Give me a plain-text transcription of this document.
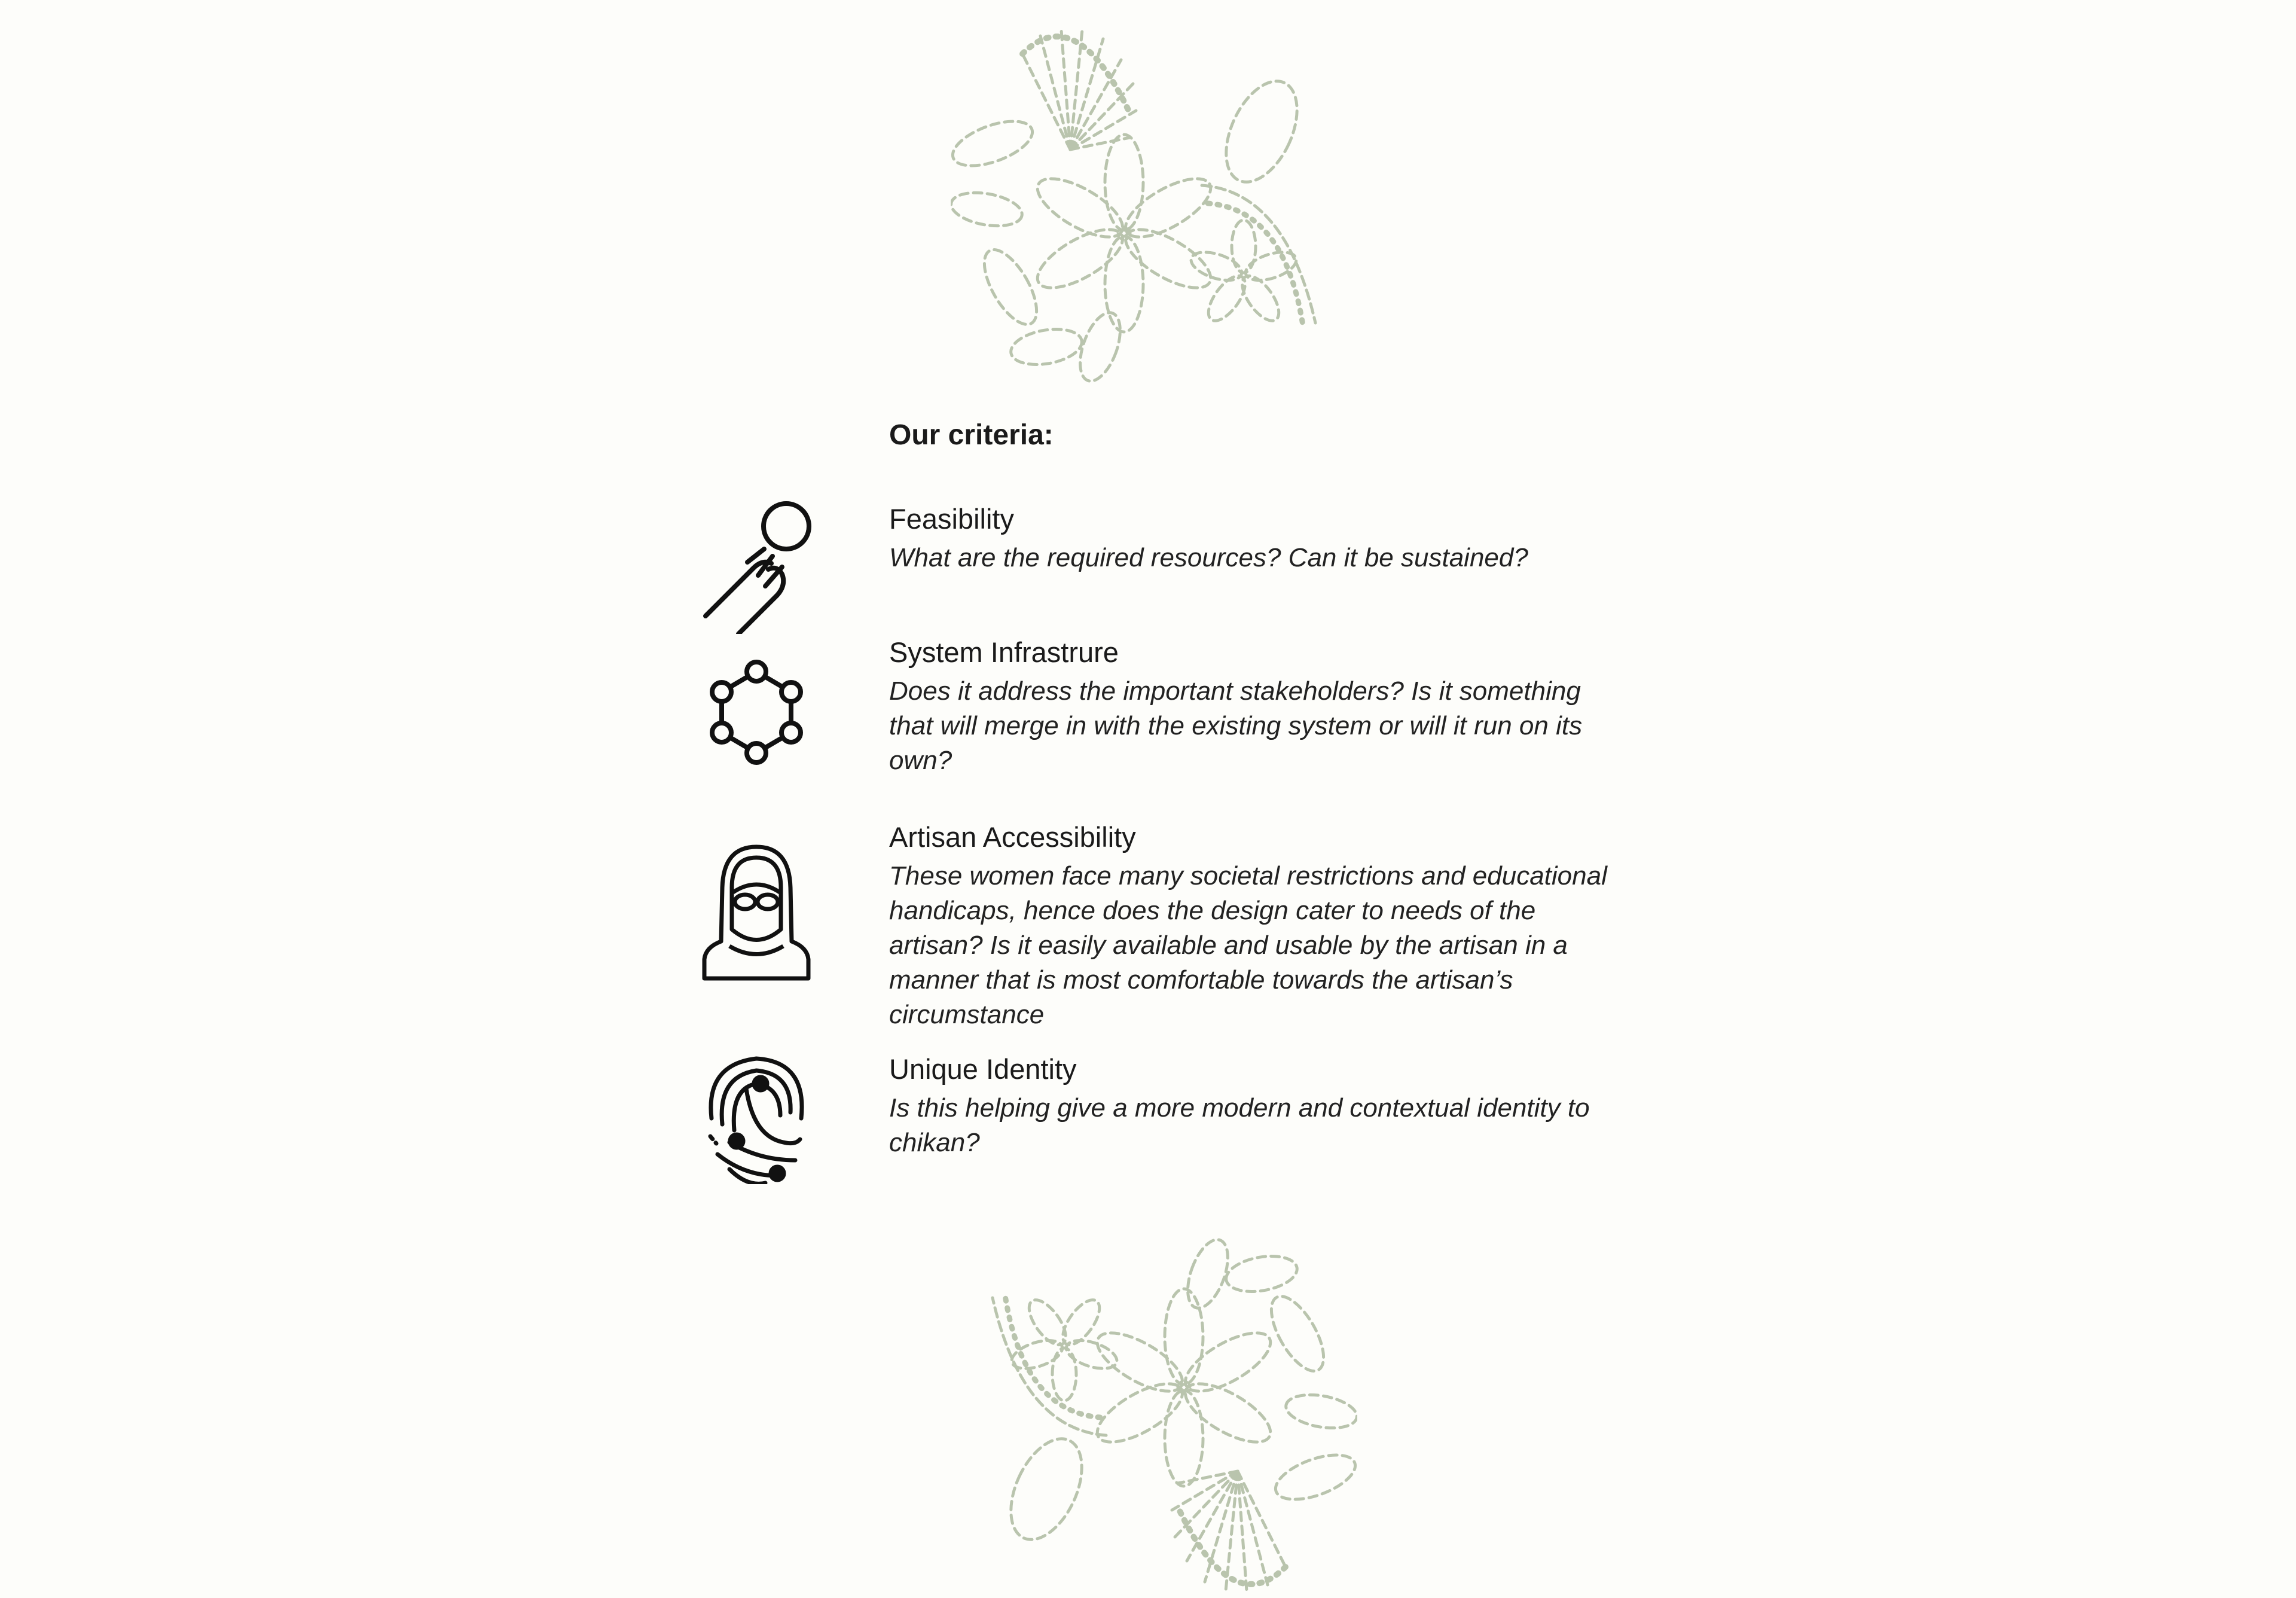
Our criteria:

Feasibility

What are the required resources? Can it be sustained?

System Infrastrure

Does it address the important stakeholders? Is it something that will merge in with the existing system or will it run on its own?

Artisan Accessibility

These women face many societal restrictions and educational handicaps, hence does the design cater to needs of the artisan? Is it easily available and usable by the artisan in a manner that is most comfortable towards the artisan’s circumstance

Unique Identity

Is this helping give a more modern and contextual identity to chikan?
